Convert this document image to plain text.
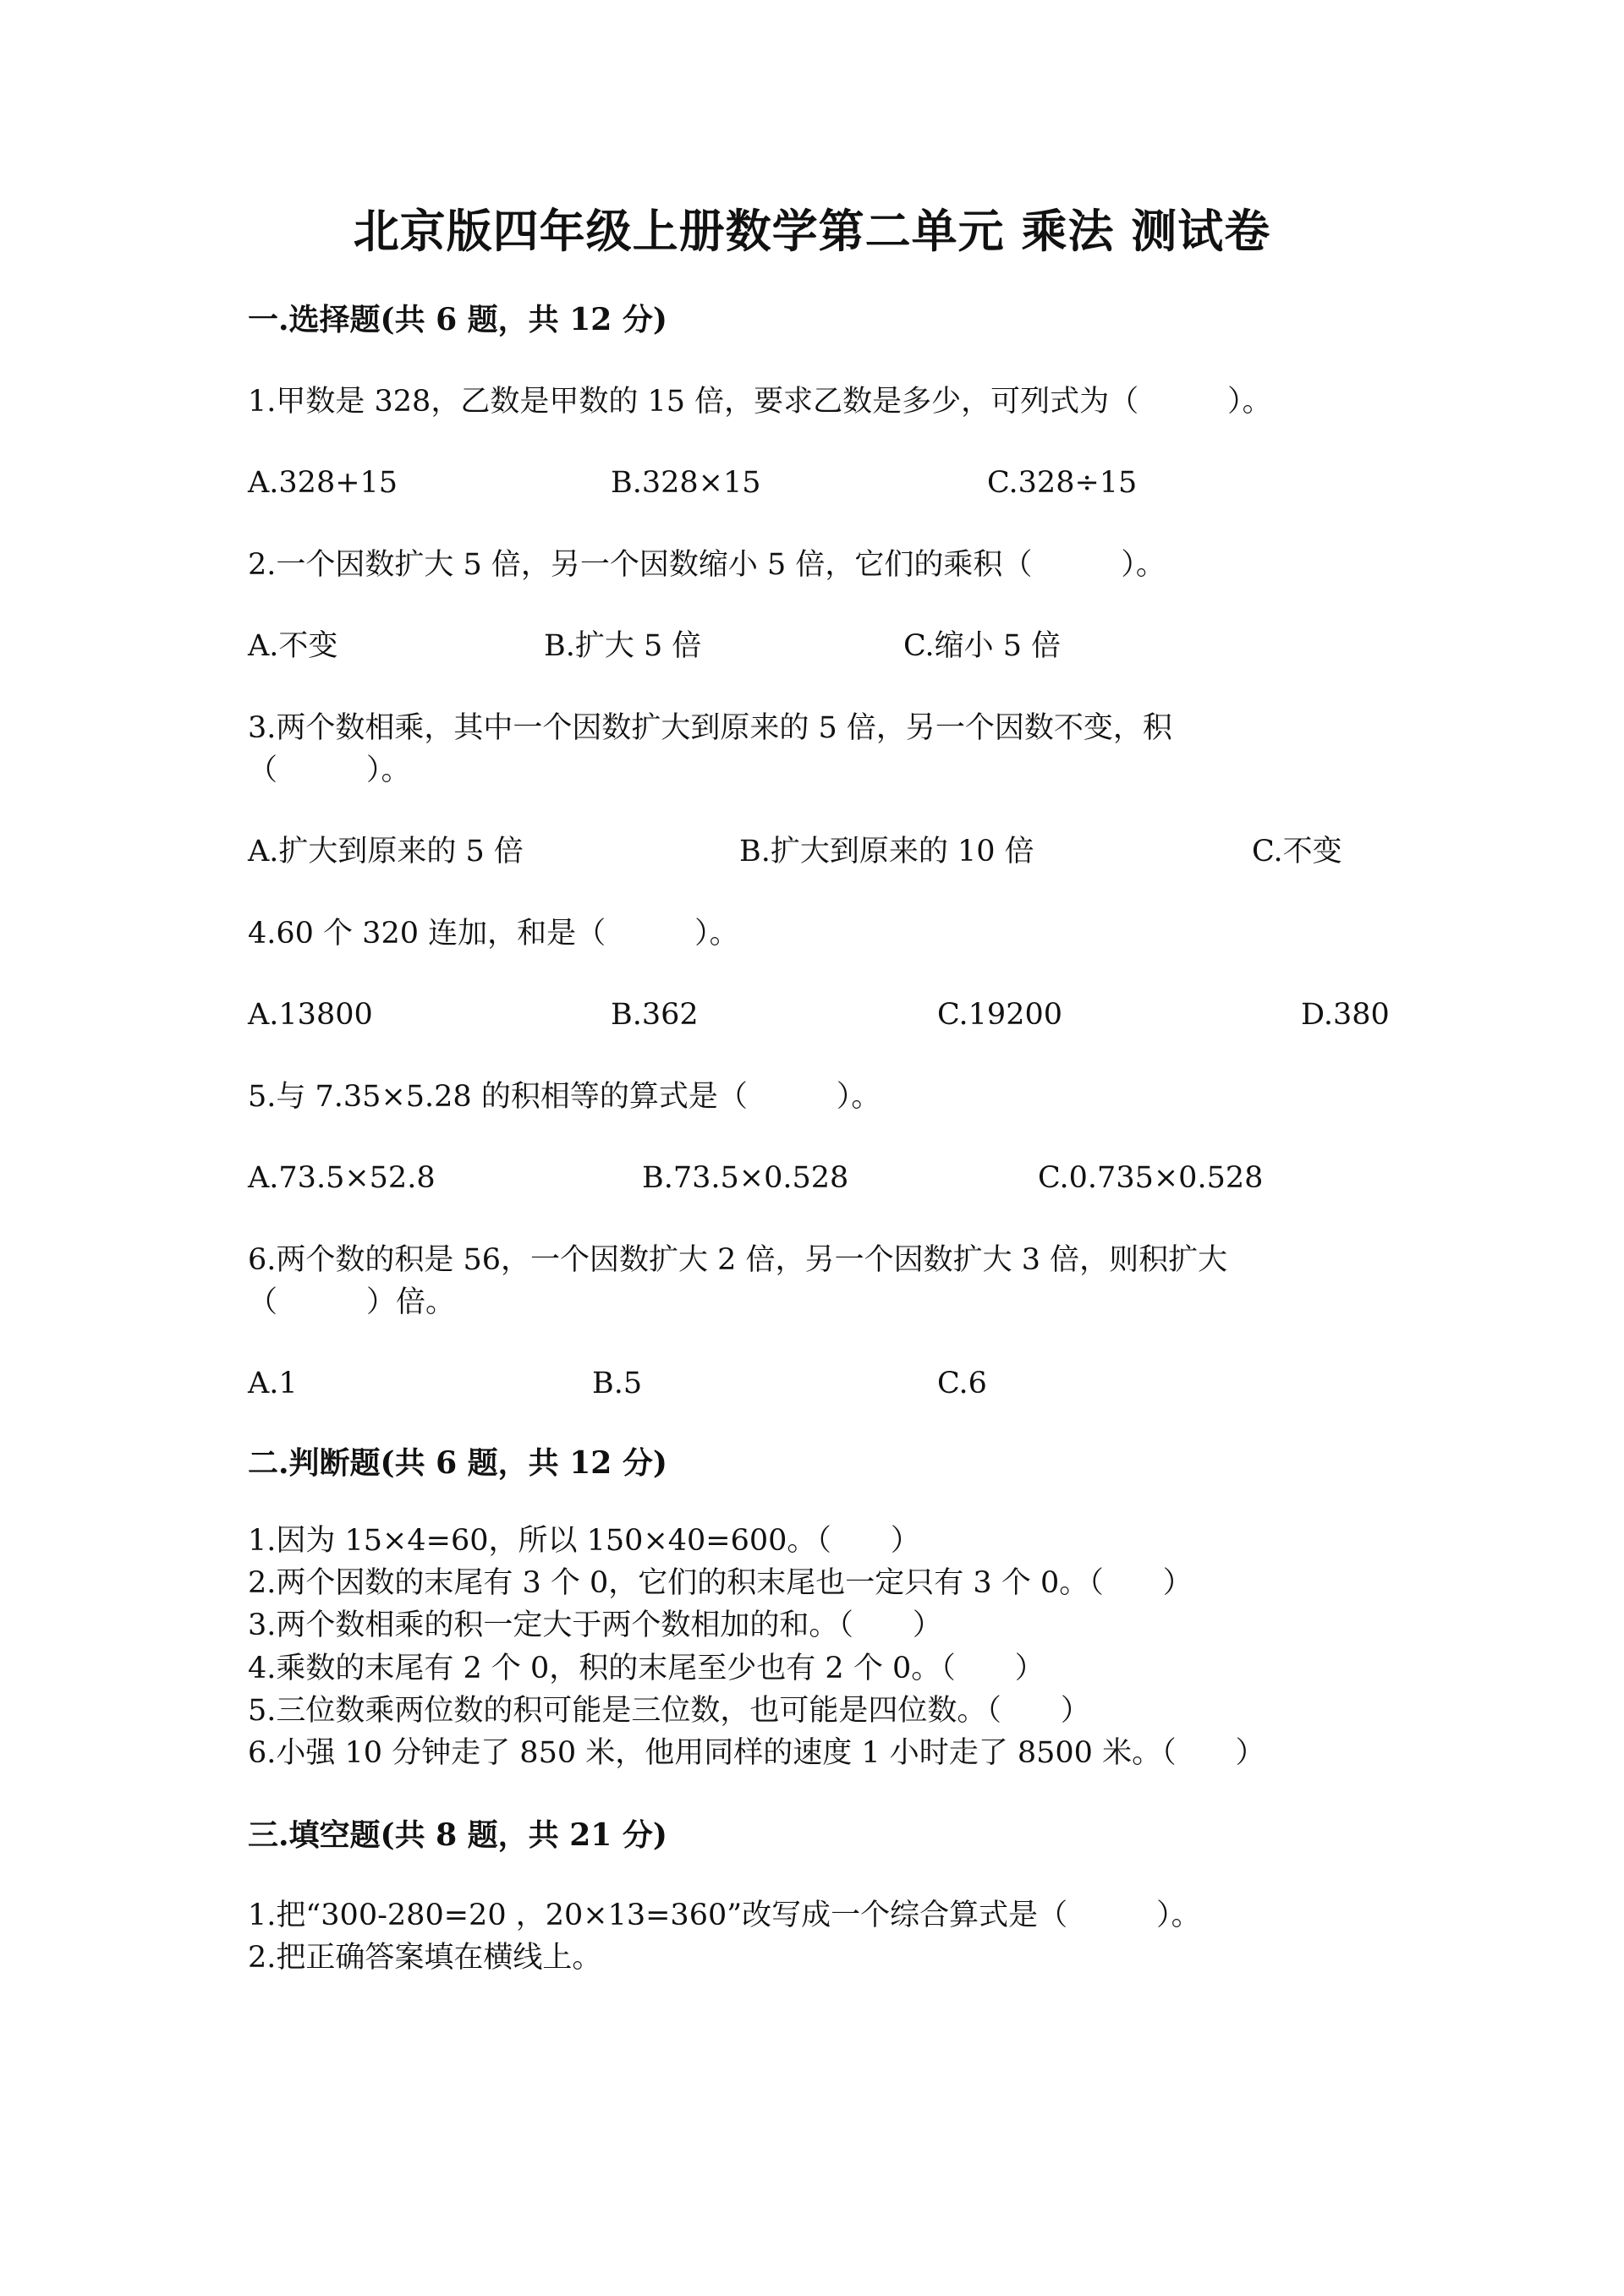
北京版四年级上册数学第二单元 乘法 测试卷
一.选择题(共 6 题，共 12 分)
1.甲数是 328，乙数是甲数的 15 倍，要求乙数是多少，可列式为（　　　）。
A.328+15	B.328×15	C.328÷15
2.一个因数扩大 5 倍，另一个因数缩小 5 倍，它们的乘积（　　　）。
A.不变	B.扩大 5 倍	C.缩小 5 倍
3.两个数相乘，其中一个因数扩大到原来的 5 倍，另一个因数不变，积
（　　　）。
A.扩大到原来的 5 倍	B.扩大到原来的 10 倍	C.不变
4.60 个 320 连加，和是（　　　）。
A.13800	B.362	C.19200	D.380
5.与 7.35×5.28 的积相等的算式是（　　　）。
A.73.5×52.8	B.73.5×0.528	C.0.735×0.528
6.两个数的积是 56，一个因数扩大 2 倍，另一个因数扩大 3 倍，则积扩大
（　　　）倍。
A.1	B.5	C.6
二.判断题(共 6 题，共 12 分)
1.因为 15×4=60，所以 150×40=600。（　　）
2.两个因数的末尾有 3 个 0，它们的积末尾也一定只有 3 个 0。（　　）
3.两个数相乘的积一定大于两个数相加的和。（　　）
4.乘数的末尾有 2 个 0，积的末尾至少也有 2 个 0。（　　）
5.三位数乘两位数的积可能是三位数，也可能是四位数。（　　）
6.小强 10 分钟走了 850 米，他用同样的速度 1 小时走了 8500 米。（　　）
三.填空题(共 8 题，共 21 分)
1.把“300-280=20 ，20×13=360”改写成一个综合算式是（　　　）。
2.把正确答案填在横线上。
